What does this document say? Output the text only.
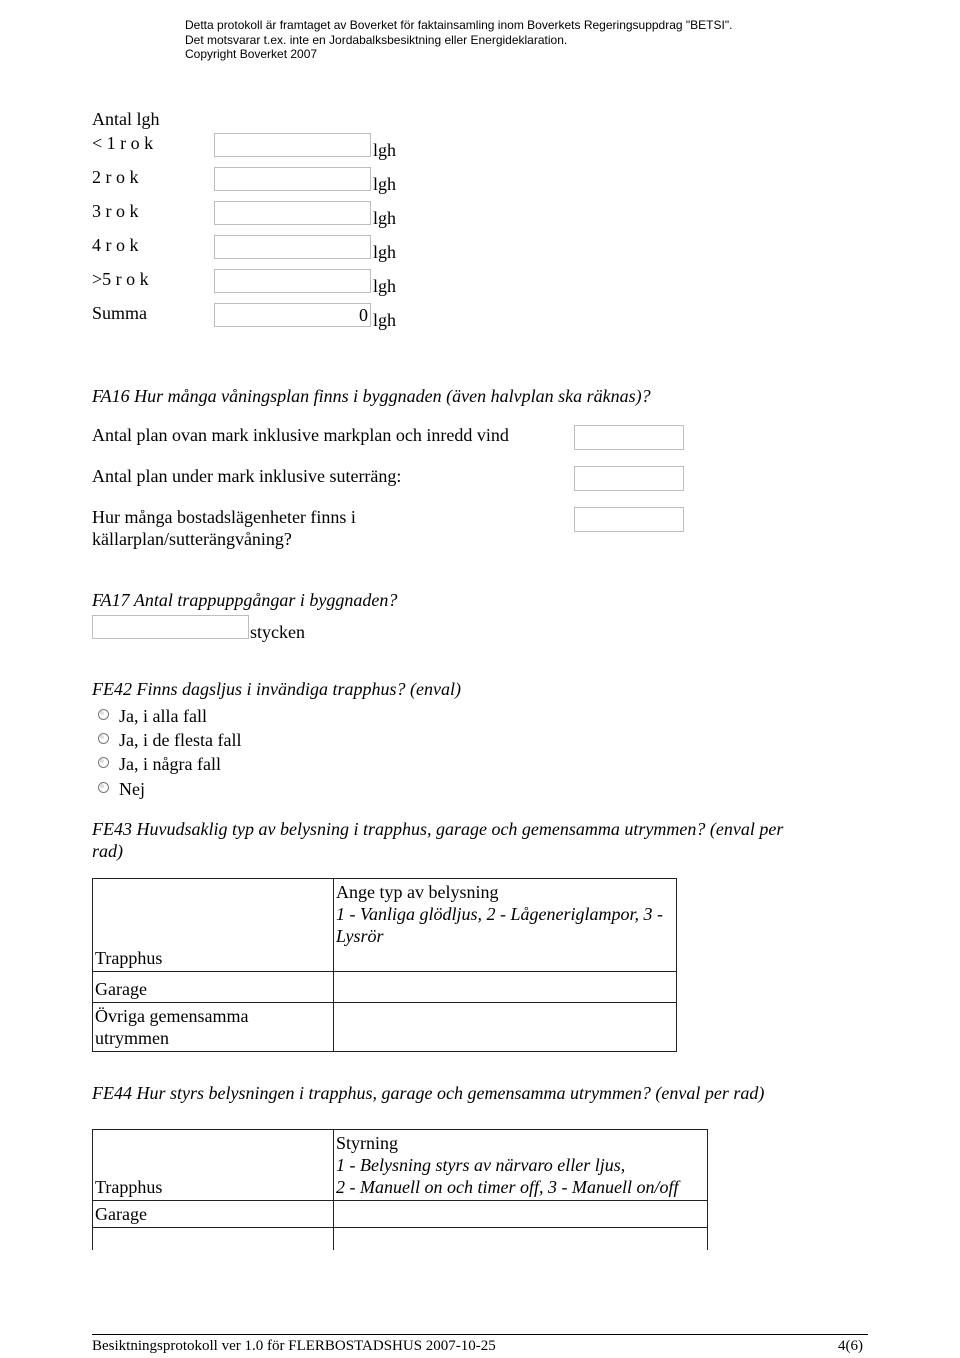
Detta protokoll är framtaget av Boverket för faktainsamling inom Boverkets Regeringsuppdrag "BETSI".
Det motsvarar t.ex. inte en Jordabalksbesiktning eller Energideklaration.
Copyright Boverket 2007
Antal lgh
< 1 r o k	lgh
2 r o k	lgh
3 r o k	lgh
4 r o k	lgh
>5 r o k	lgh
Summa
0	lgh
FA16 Hur många våningsplan finns i byggnaden (även halvplan ska räknas)?
Antal plan ovan mark inklusive markplan och inredd vind
Antal plan under mark inklusive suterräng:
Hur många bostadslägenheter finns i
källarplan/sutterängvåning?
FA17 Antal trappuppgångar i byggnaden?
stycken
FE42 Finns dagsljus i invändiga trapphus? (enval)
Ja, i alla fall
Ja, i de flesta fall
Ja, i några fall
Nej
FE43 Huvudsaklig typ av belysning i trapphus, garage och gemensamma utrymmen? (enval per
rad)
Trapphus	Ange typ av belysning
1 - Vanliga glödljus, 2 - Lågeneriglampor, 3 -
Lysrör

Garage	

Övriga gemensamma
utrymmen	

FE44 Hur styrs belysningen i trapphus, garage och gemensamma utrymmen? (enval per rad)
Trapphus	Styrning
1 - Belysning styrs av närvaro eller ljus,
2 - Manuell on och timer off, 3 - Manuell on/off

Garage	

Besiktningsprotokoll ver 1.0 för FLERBOSTADSHUS 2007-10-25	4(6)
